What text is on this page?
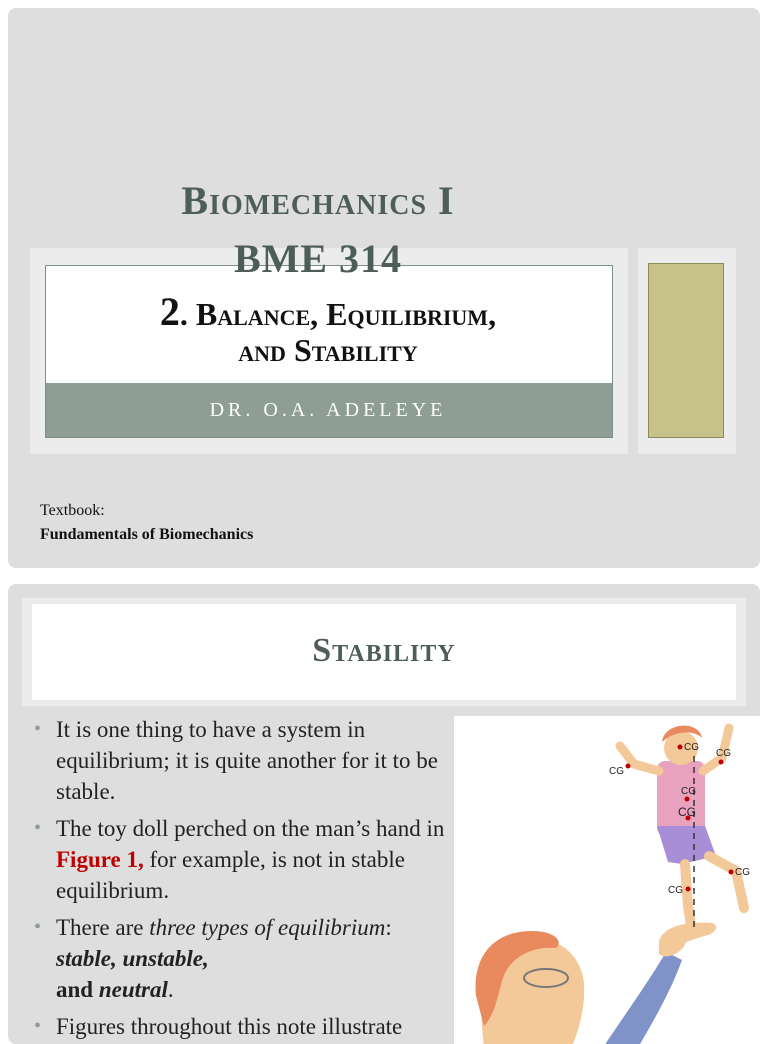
Biomechanics I
BME 314
2. Balance, Equilibrium,
and Stability
DR. O.A. ADELEYE
Textbook:
Fundamentals of Biomechanics
Stability
• It is one thing to have a system in equilibrium; it is quite another for it to be stable.
• The toy doll perched on the man’s hand in Figure 1, for example, is not in stable equilibrium.
• There are three types of equilibrium: stable, unstable,
and neutral.
• Figures throughout this note illustrate
CG
CG
CG
CG
CG
CG
CG
